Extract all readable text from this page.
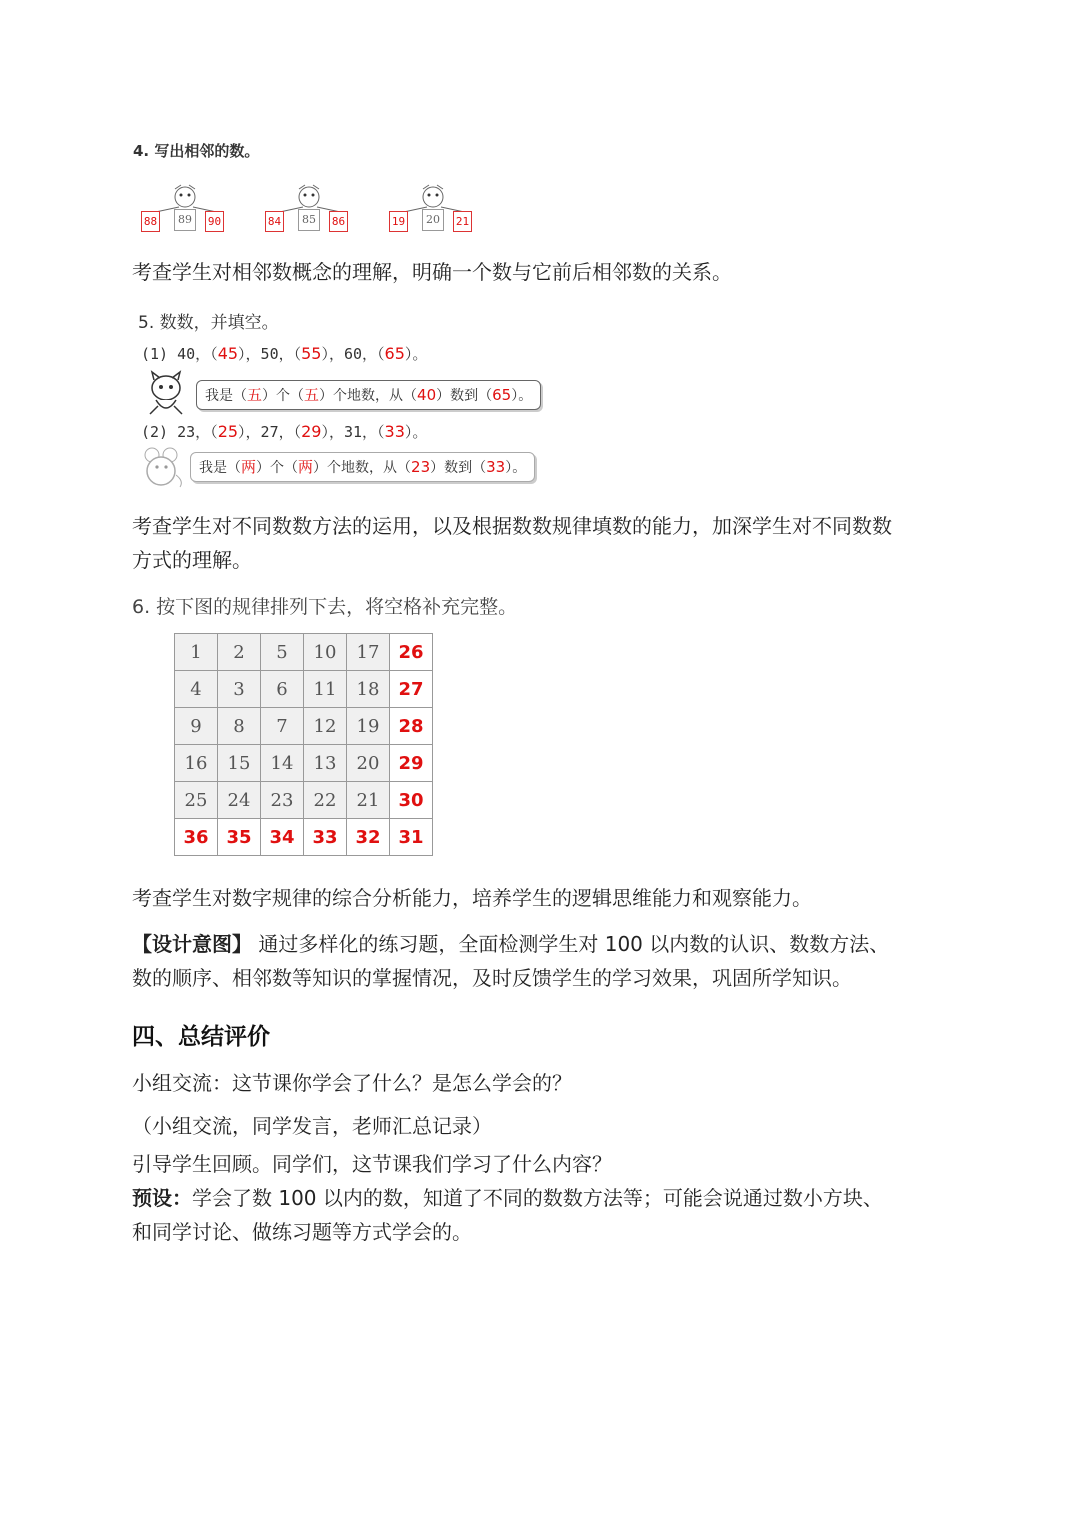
4. 写出相邻的数。
88	89	90	84	85	86	19	20	21
考查学生对相邻数概念的理解，明确一个数与它前后相邻数的关系。
5. 数数，并填空。
(1) 40，（45），50，（55），60，（65）。
我是（五）个（五）个地数，从（40）数到（65）。
(2) 23，（25），27，（29），31，（33）。
我是（两）个（两）个地数，从（23）数到（33）。
考查学生对不同数数方法的运用，以及根据数数规律填数的能力，加深学生对不同数数
方式的理解。
6. 按下图的规律排列下去，将空格补充完整。
1	2	5	10	17	26
4	3	6	11	18	27
9	8	7	12	19	28
16	15	14	13	20	29
25	24	23	22	21	30
36	35	34	33	32	31
考查学生对数字规律的综合分析能力，培养学生的逻辑思维能力和观察能力。
【设计意图】 通过多样化的练习题，全面检测学生对 100 以内数的认识、数数方法、
数的顺序、相邻数等知识的掌握情况，及时反馈学生的学习效果，巩固所学知识。
四、总结评价
小组交流：这节课你学会了什么？是怎么学会的？
（小组交流，同学发言，老师汇总记录）
引导学生回顾。同学们，这节课我们学习了什么内容？
预设：学会了数 100 以内的数，知道了不同的数数方法等；可能会说通过数小方块、
和同学讨论、做练习题等方式学会的。
